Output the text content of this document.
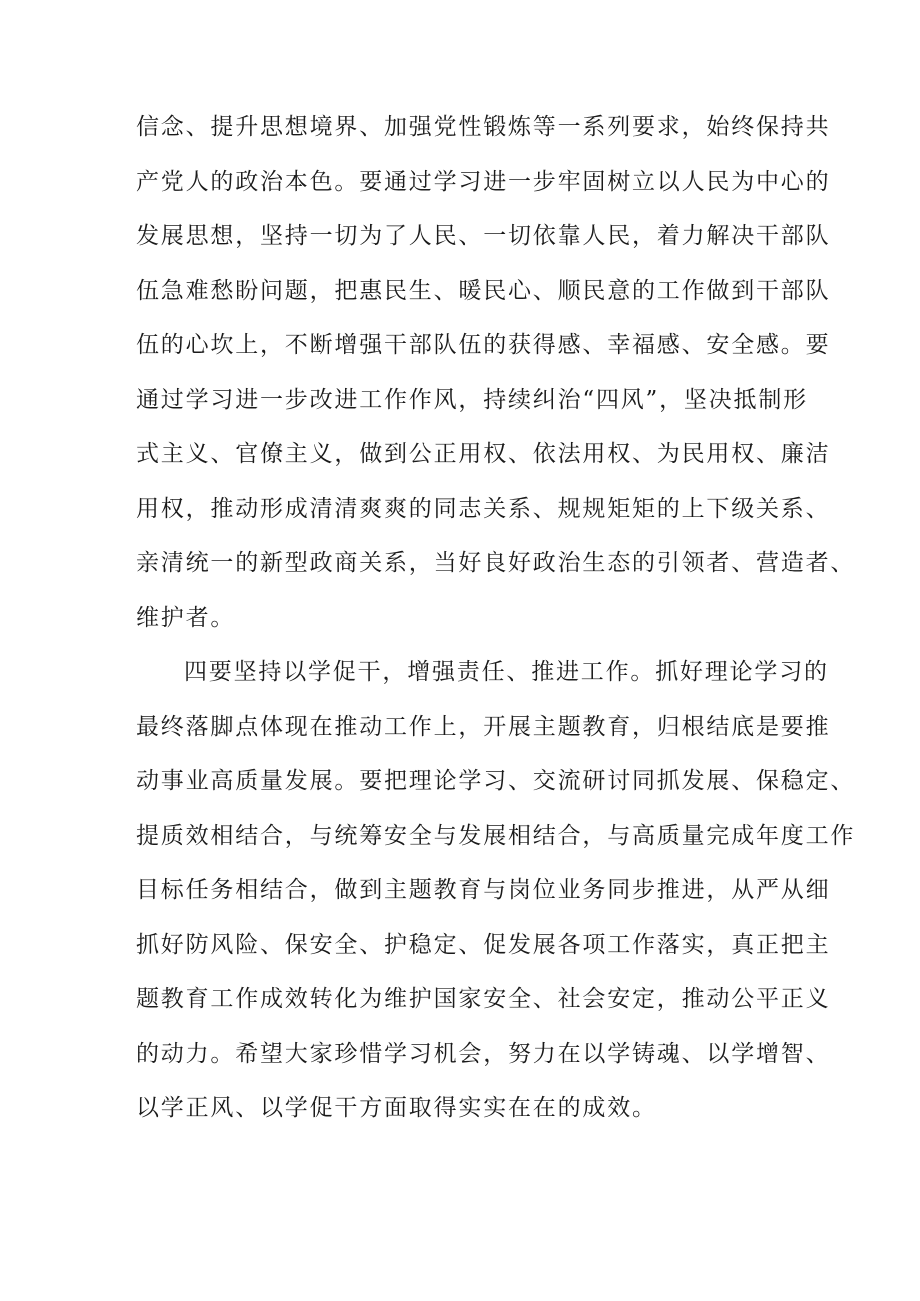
信念、提升思想境界、加强党性锻炼等一系列要求，始终保持共
产党人的政治本色。要通过学习进一步牢固树立以人民为中心的
发展思想，坚持一切为了人民、一切依靠人民，着力解决干部队
伍急难愁盼问题，把惠民生、暖民心、顺民意的工作做到干部队
伍的心坎上，不断增强干部队伍的获得感、幸福感、安全感。要
通过学习进一步改进工作作风，持续纠治“四风”，坚决抵制形
式主义、官僚主义，做到公正用权、依法用权、为民用权、廉洁
用权，推动形成清清爽爽的同志关系、规规矩矩的上下级关系、
亲清统一的新型政商关系，当好良好政治生态的引领者、营造者、
维护者。
四要坚持以学促干，增强责任、推进工作。抓好理论学习的
最终落脚点体现在推动工作上，开展主题教育，归根结底是要推
动事业高质量发展。要把理论学习、交流研讨同抓发展、保稳定、
提质效相结合，与统筹安全与发展相结合，与高质量完成年度工作
目标任务相结合，做到主题教育与岗位业务同步推进，从严从细
抓好防风险、保安全、护稳定、促发展各项工作落实，真正把主
题教育工作成效转化为维护国家安全、社会安定，推动公平正义
的动力。希望大家珍惜学习机会，努力在以学铸魂、以学增智、
以学正风、以学促干方面取得实实在在的成效。
